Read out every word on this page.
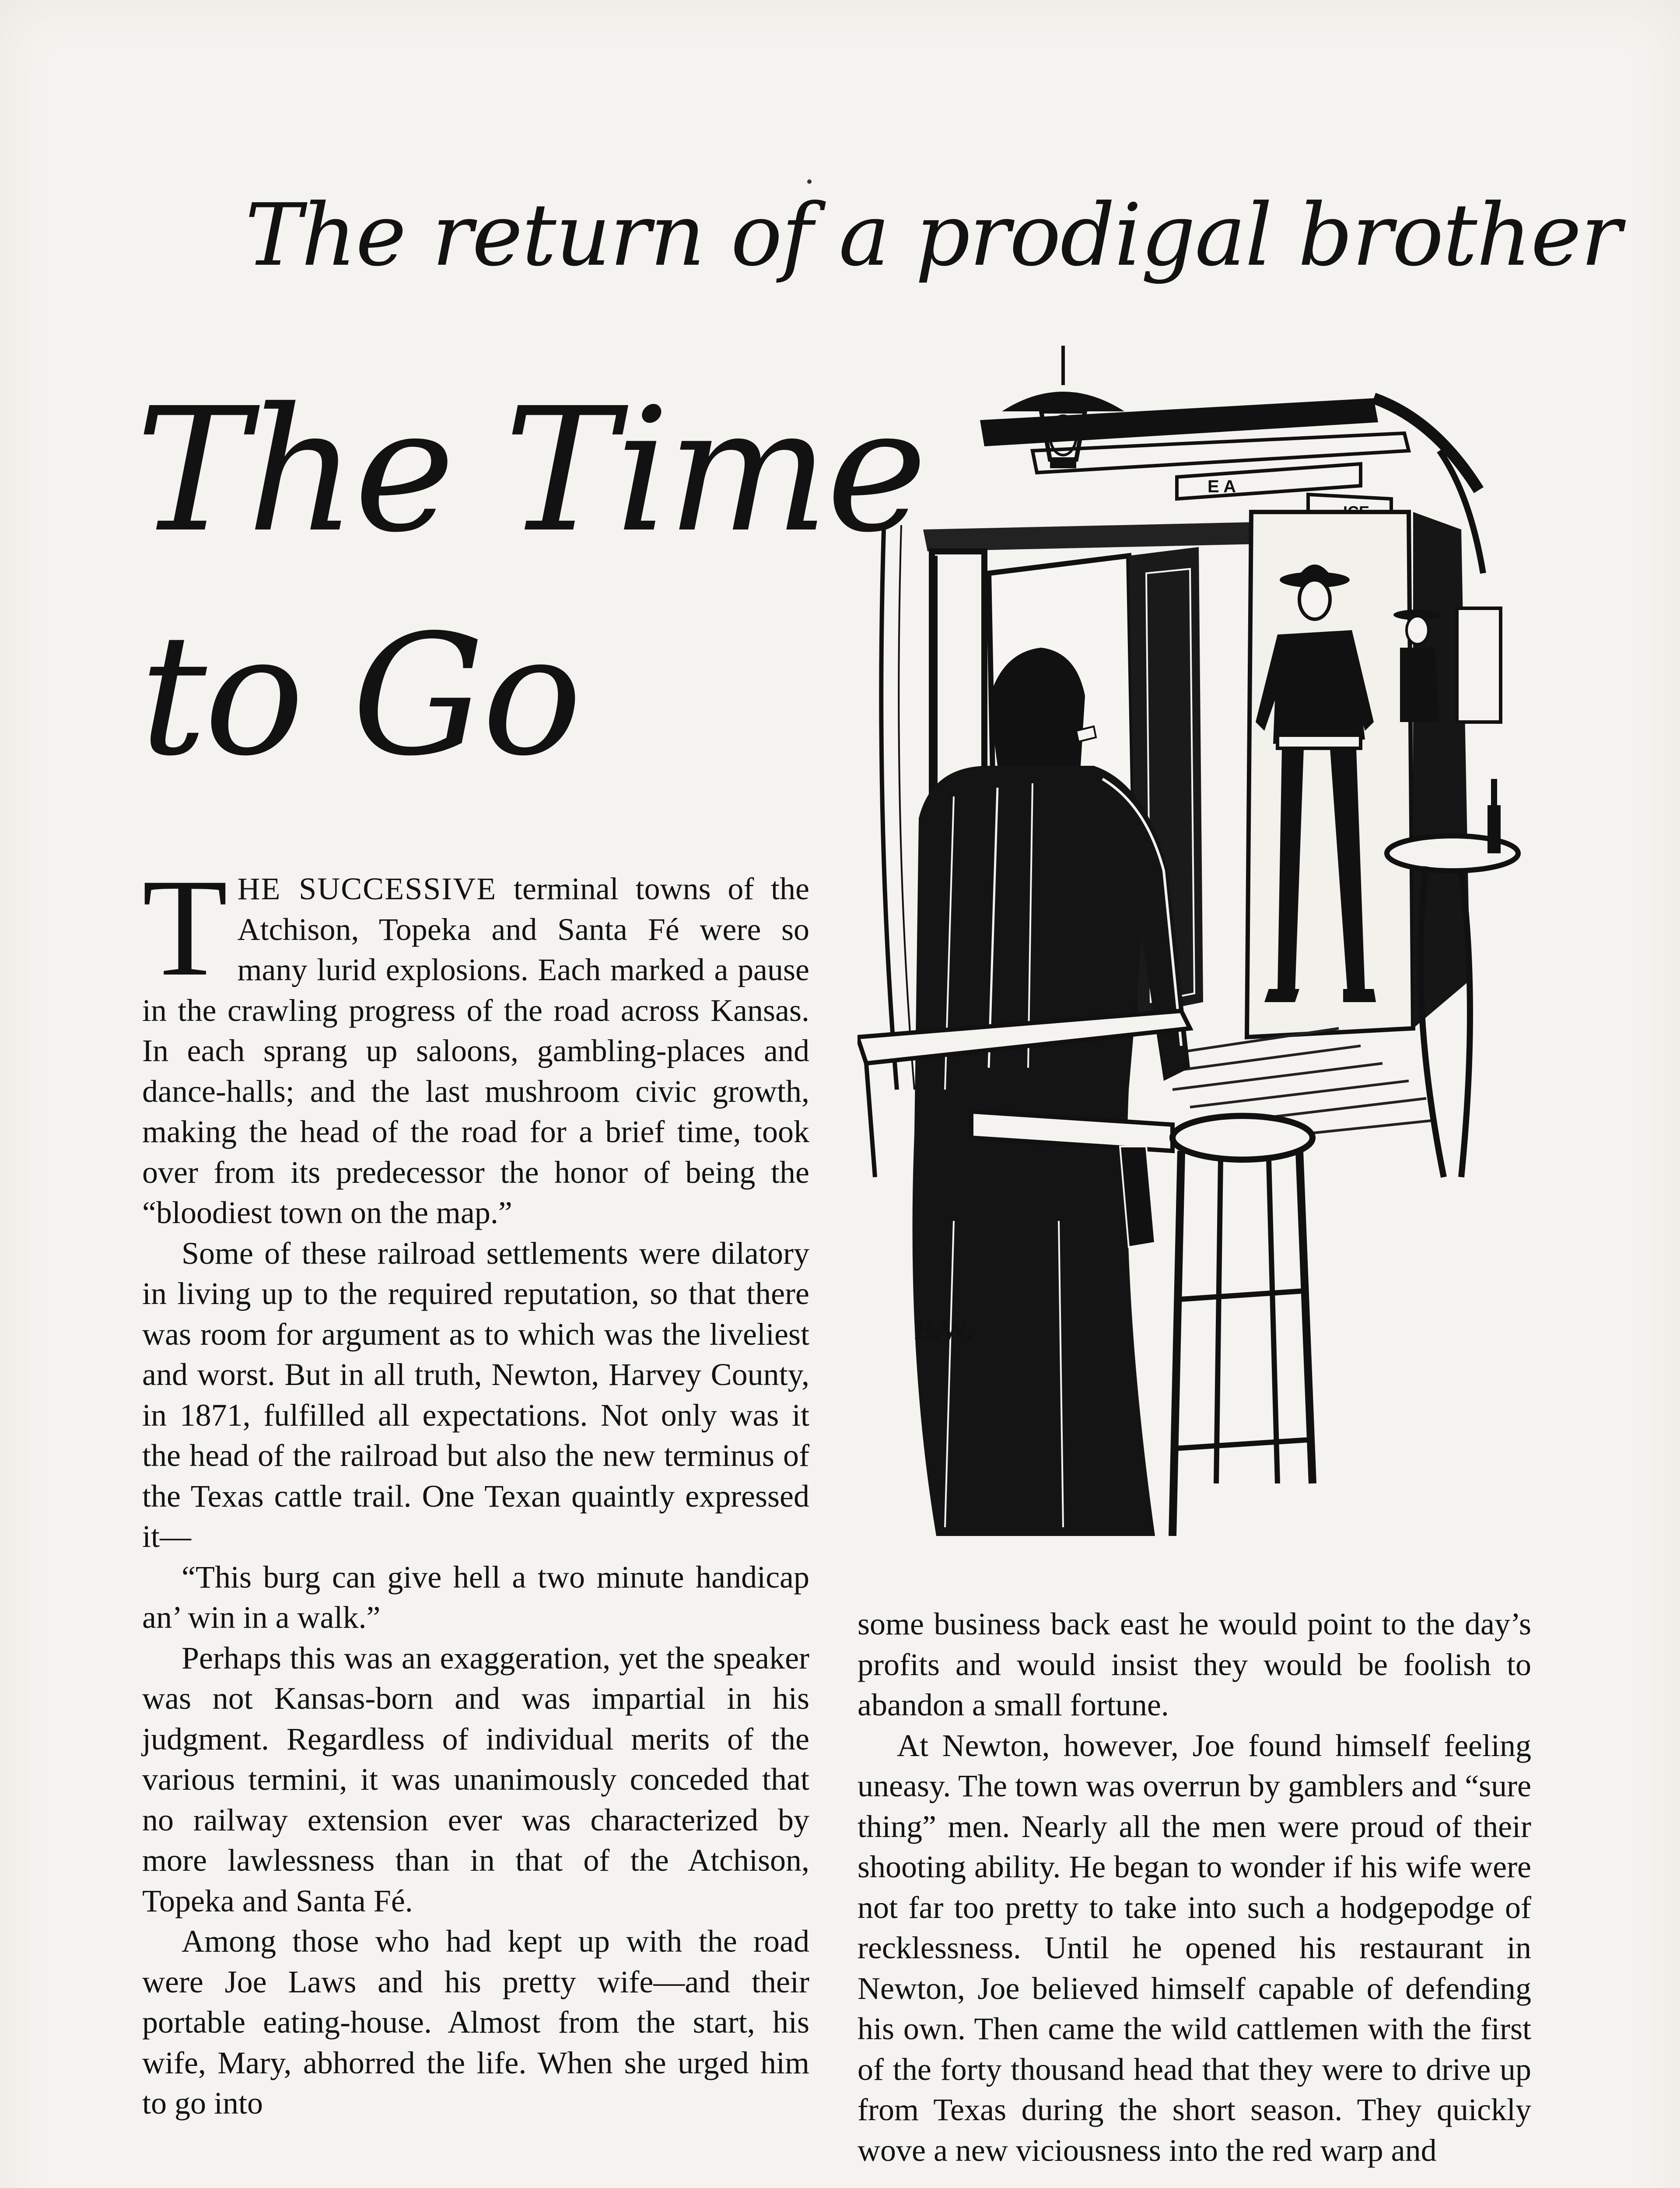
The return of a prodigal brother
The Time
to Go
E A
E.W.

THE SUCCESSIVE terminal towns of the Atchison, Topeka and Santa Fé were so many lurid explosions. Each marked a pause in the crawling progress of the road across Kansas. In each sprang up saloons, gambling-places and dance-halls; and the last mushroom civic growth, making the head of the road for a brief time, took over from its predecessor the honor of being the “bloodiest town on the map.”

Some of these railroad settlements were dilatory in living up to the required reputation, so that there was room for argument as to which was the liveliest and worst. But in all truth, Newton, Harvey County, in 1871, fulfilled all expectations. Not only was it the head of the railroad but also the new terminus of the Texas cattle trail. One Texan quaintly expressed it—

“This burg can give hell a two minute handicap an’ win in a walk.”

Perhaps this was an exaggeration, yet the speaker was not Kansas-born and was impartial in his judgment. Regardless of individual merits of the various termini, it was unanimously conceded that no railway extension ever was characterized by more lawlessness than in that of the Atchison, Topeka and Santa Fé.

Among those who had kept up with the road were Joe Laws and his pretty wife—and their portable eating-house. Almost from the start, his wife, Mary, abhorred the life. When she urged him to go into

some business back east he would point to the day’s profits and would insist they would be foolish to abandon a small fortune.

At Newton, however, Joe found himself feeling uneasy. The town was overrun by gamblers and “sure thing” men. Nearly all the men were proud of their shooting ability. He began to wonder if his wife were not far too pretty to take into such a hodgepodge of recklessness. Until he opened his restaurant in Newton, Joe believed himself capable of defending his own. Then came the wild cattlemen with the first of the forty thousand head that they were to drive up from Texas during the short season. They quickly wove a new viciousness into the red warp and
